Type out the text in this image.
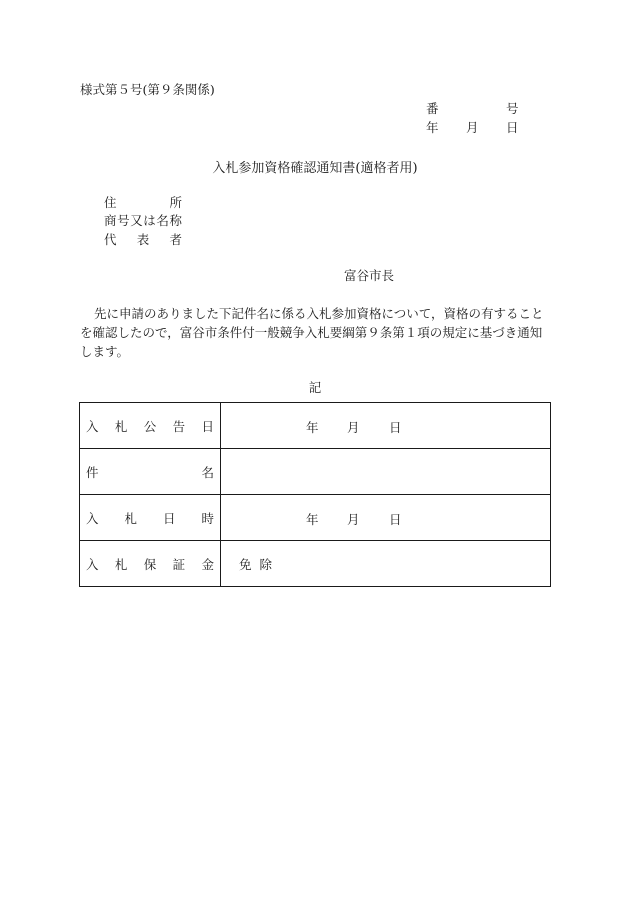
様式第５号(第９条関係)
番	号
年 月 日
入札参加資格確認通知書(適格者用)
住所
商号又は名称
代表者
富谷市長
先に申請のありました下記件名に係る入札参加資格について，資格の有することを確認したので，富谷市条件付一般競争入札要綱第９条第１項の規定に基づき通知します。
記
入札公告日	年 月 日

件名	

入札日時	年 月 日

入札保証金	免除
